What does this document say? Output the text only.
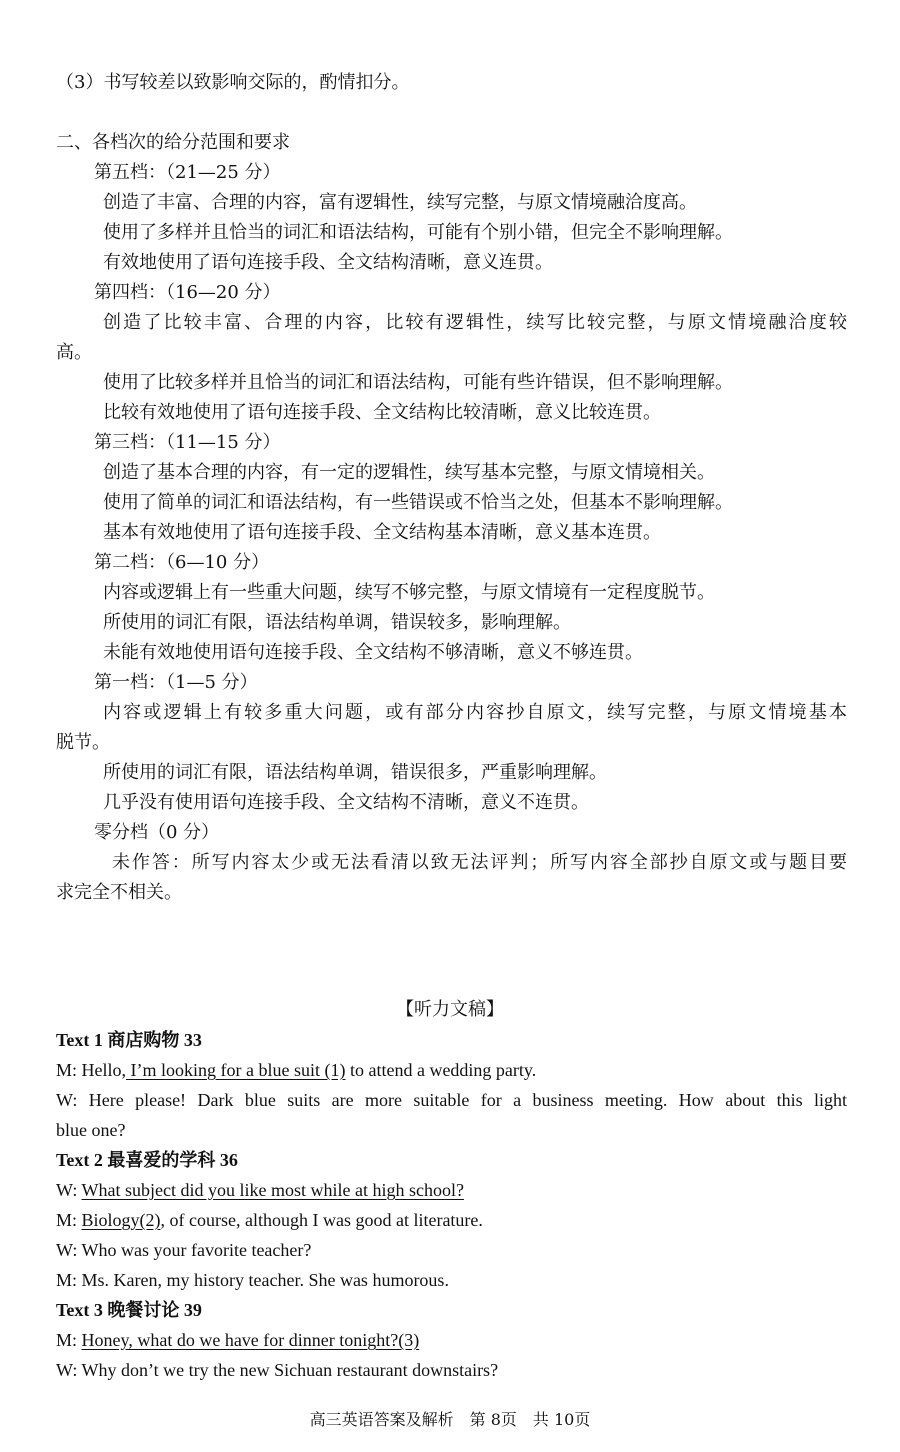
（3）书写较差以致影响交际的，酌情扣分。
二、各档次的给分范围和要求
第五档：（21—25 分）
创造了丰富、合理的内容，富有逻辑性，续写完整，与原文情境融洽度高。
使用了多样并且恰当的词汇和语法结构，可能有个别小错，但完全不影响理解。
有效地使用了语句连接手段、全文结构清晰，意义连贯。
第四档：（16—20 分）
创造了比较丰富、合理的内容，比较有逻辑性，续写比较完整，与原文情境融洽度较
高。
使用了比较多样并且恰当的词汇和语法结构，可能有些许错误，但不影响理解。
比较有效地使用了语句连接手段、全文结构比较清晰，意义比较连贯。
第三档：（11—15 分）
创造了基本合理的内容，有一定的逻辑性，续写基本完整，与原文情境相关。
使用了简单的词汇和语法结构，有一些错误或不恰当之处，但基本不影响理解。
基本有效地使用了语句连接手段、全文结构基本清晰，意义基本连贯。
第二档：（6—10 分）
内容或逻辑上有一些重大问题，续写不够完整，与原文情境有一定程度脱节。
所使用的词汇有限，语法结构单调，错误较多，影响理解。
未能有效地使用语句连接手段、全文结构不够清晰，意义不够连贯。
第一档：（1—5 分）
内容或逻辑上有较多重大问题，或有部分内容抄自原文，续写完整，与原文情境基本
脱节。
所使用的词汇有限，语法结构单调，错误很多，严重影响理解。
几乎没有使用语句连接手段、全文结构不清晰，意义不连贯。
零分档（0 分）
未作答：所写内容太少或无法看清以致无法评判；所写内容全部抄自原文或与题目要
求完全不相关。
【听力文稿】
Text 1 商店购物 33
M: Hello, I’m looking for a blue suit (1) to attend a wedding party.
W: Here please! Dark blue suits are more suitable for a business meeting. How about this light
blue one?
Text 2 最喜爱的学科 36
W: What subject did you like most while at high school?
M: Biology(2), of course, although I was good at literature.
W: Who was your favorite teacher?
M: Ms. Karen, my history teacher. She was humorous.
Text 3 晚餐讨论 39
M: Honey, what do we have for dinner tonight?(3)
W: Why don’t we try the new Sichuan restaurant downstairs?
高三英语答案及解析　第 8页　共 10页
